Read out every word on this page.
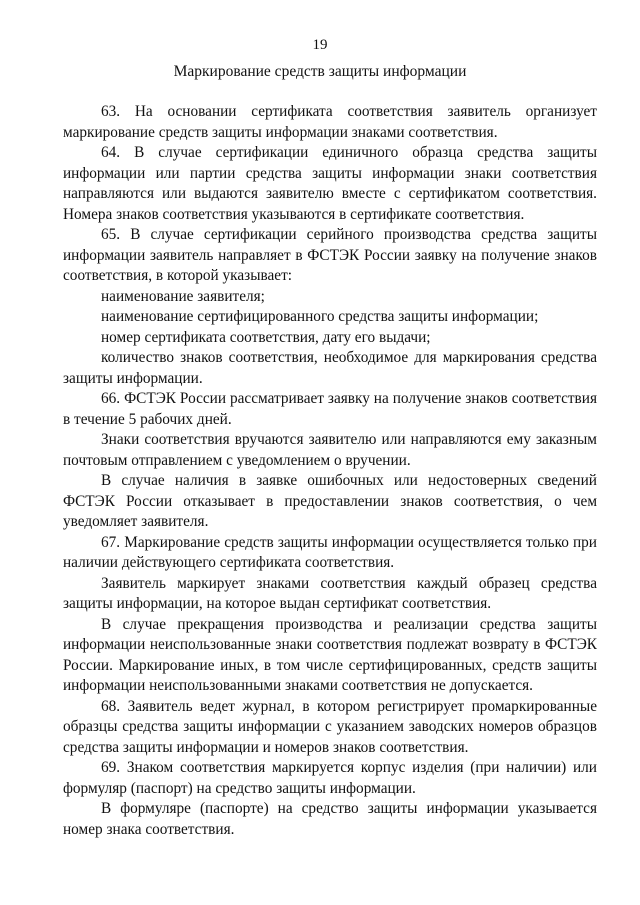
19
Маркирование средств защиты информации

63. На основании сертификата соответствия заявитель организует маркирование средств защиты информации знаками соответствия.

64. В случае сертификации единичного образца средства защиты информации или партии средства защиты информации знаки соответствия направляются или выдаются заявителю вместе с сертификатом соответствия. Номера знаков соответствия указываются в сертификате соответствия.

65. В случае сертификации серийного производства средства защиты информации заявитель направляет в ФСТЭК России заявку на получение знаков соответствия, в которой указывает:

наименование заявителя;

наименование сертифицированного средства защиты информации;

номер сертификата соответствия, дату его выдачи;

количество знаков соответствия, необходимое для маркирования средства защиты информации.

66. ФСТЭК России рассматривает заявку на получение знаков соответствия в течение 5 рабочих дней.

Знаки соответствия вручаются заявителю или направляются ему заказным почтовым отправлением с уведомлением о вручении.

В случае наличия в заявке ошибочных или недостоверных сведений ФСТЭК России отказывает в предоставлении знаков соответствия, о чем уведомляет заявителя.

67. Маркирование средств защиты информации осуществляется только при наличии действующего сертификата соответствия.

Заявитель маркирует знаками соответствия каждый образец средства защиты информации, на которое выдан сертификат соответствия.

В случае прекращения производства и реализации средства защиты информации неиспользованные знаки соответствия подлежат возврату в ФСТЭК России. Маркирование иных, в том числе сертифицированных, средств защиты информации неиспользованными знаками соответствия не допускается.

68. Заявитель ведет журнал, в котором регистрирует промаркированные образцы средства защиты информации с указанием заводских номеров образцов средства защиты информации и номеров знаков соответствия.

69. Знаком соответствия маркируется корпус изделия (при наличии) или формуляр (паспорт) на средство защиты информации.

В формуляре (паспорте) на средство защиты информации указывается номер знака соответствия.
